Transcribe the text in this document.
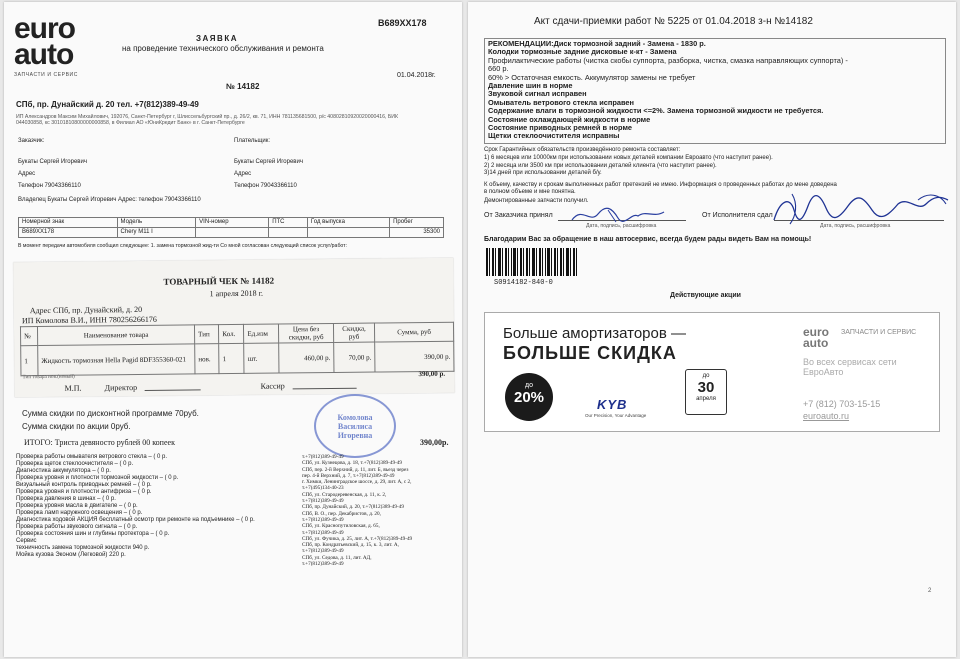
euro
auto
ЗАПЧАСТИ И СЕРВИС
В689ХХ178
ЗАЯВКА
на проведение технического обслуживания и ремонта
№ 14182
01.04.2018г.
СПб, пр. Дунайский д. 20 тел. +7(812)389-49-49
ИП Александров Максим Михайлович, 192076, Санкт-Петербург г, Шлиссельбургский пр., д. 26/2, кв. 71, ИНН 781135681500, р/с 40802810920020000416, БИК
044030858, кс 30101810800000000858, в Филиал АО «ЮниКредит Банк» в г. Санкт-Петербурге
Заказчик:	Плательщик:
Букаты Сергей Игоревич	Букаты Сергей Игоревич
Адрес	Адрес
Телефон 79043366110	Телефон 79043366110
Владелец Букаты Сергей Игоревич Адрес: телефон 79043366110
Номерной знак	Модель	VIN-номер	ПТС	Год выпуска	Пробег
В689ХХ178	Chery M11 I				35300
В момент передачи автомобиля сообщил следующее: 1. замена тормозной жид-ти Со мной согласован следующий список услуг/работ:
ТОВАРНЫЙ ЧЕК № 14182
1 апреля 2018 г.
Адрес СПб, пр. Дунайский, д. 20
ИП Комолова В.И., ИНН 780256266176
№	Наименование товара	Тип	Кол.	Ед.изм	Цена без скидки, руб	Скидка, руб	Сумма, руб
1	Жидкость тормозная Hella Pagid 8DF355360-021	нов.	1	шт.	460,00 р.	70,00 р.	390,00 р.
Тип товара нов.(новый)	390,00 р.
М.П.	Директор	Кассир
Сумма скидки по дисконтной программе 70руб.
Сумма скидки по акции 0руб.
ИТОГО: Триста девяносто рублей 00 копеек	390,00р.
Комолова
Василиса
Игоревна
Проверка работы омывателя ветрового стекла – ( 0 р.
Проверка щеток стеклоочистителя – ( 0 р.
Диагностика аккумулятора – ( 0 р.
Проверка уровня и плотности тормозной жидкости – ( 0 р.
Визуальный контроль приводных ремней – ( 0 р.
Проверка уровня и плотности антифриза – ( 0 р.
Проверка давления в шинах – ( 0 р.
Проверка уровня масла в двигателе – ( 0 р.
Проверка ламп наружного освещения – ( 0 р.
Диагностика ходовой АКЦИЯ бесплатный осмотр при ремонте на подъемнике – ( 0 р.
Проверка работы звукового сигнала – ( 0 р.
Проверка состояния шин и глубины протектора – ( 0 р.
Сервис
техничность замена тормозной жидкости 940 р.
Мойка кузова Эконом (Легковой) 220 р.
т.+7(812)389-49-49
СПб, ул. Кузнецова, д. 18, т.+7(812)389-49-49
СПб, пер. 2-й Верхний, д. 11, лит. Б, въезд через
пер. 4-й Верхний, д. 7, т.+7(812)389-49-49
г. Химки, Ленинградское шоссе, д. 29, лит. А, с 2,
т.+7(495)134-40-23
СПб, ул. Стародеревенская, д. 11, к. 2,
т.+7(812)389-49-49
СПб, пр. Дунайский, д. 20, т.+7(812)389-49-49
СПб, В. О., пер. Декабристов, д. 20,
т.+7(812)389-49-49
СПб, ул. Краснопутиловская, д. 65,
т.+7(812)389-49-49
СПб, ул. Фучика, д. 25, лит. А, т.+7(812)389-49-49
СПб, пр. Кондратьевский, д. 15, к. 3, лит. А,
т.+7(812)389-49-49
СПб, ул. Седова, д. 11, лит. АД,
т.+7(812)389-49-49
Акт сдачи-приемки работ № 5225 от 01.04.2018 з-н №14182
РЕКОМЕНДАЦИИ:Диск тормозной задний - Замена - 1830 р.
Колодки тормозные задние дисковые к-кт - Замена
Профилактические работы (чистка скобы суппорта, разборка, чистка, смазка направляющих суппорта) -
660 р.
60% > Остаточная емкость. Аккумулятор замены не требует
Давление шин в норме
Звуковой сигнал исправен
Омыватель ветрового стекла исправен
Содержание влаги в тормозной жидкости <=2%. Замена тормозной жидкости не требуется.
Состояние охлаждающей жидкости в норме
Состояние приводных ремней в норме
Щетки стеклоочистителя исправны
Срок Гарантийных обязательств произведённого ремонта составляет:
1) 6 месяцев или 10000км при использовании новых деталей компании Евроавто (что наступит ранее).
2) 2 месяца или 3500 км при использовании деталей клиента (что наступит ранее).
3)14 дней при использовании деталей б/у.
К объему, качеству и срокам выполненных работ претензий не имею. Информация о проведенных работах до мене доведена
в полном объеме и мне понятна.
Демонтированные запчасти получил.
От Заказчика принял
Дата, подпись, расшифровка
От Исполнителя сдал
Дата, подпись, расшифровка
Благодарим Вас за обращение в наш автосервис, всегда будем рады видеть Вам на помощь!
S0914182-840-0
Действующие акции
Больше амортизаторов —
БОЛЬШЕ СКИДКА
до
20%	KYB
Our Precision, Your Advantage
до
30
апреля
euro
auto
ЗАПЧАСТИ И СЕРВИС
Во всех сервисах сети ЕвроАвто
+7 (812) 703-15-15
euroauto.ru
2
